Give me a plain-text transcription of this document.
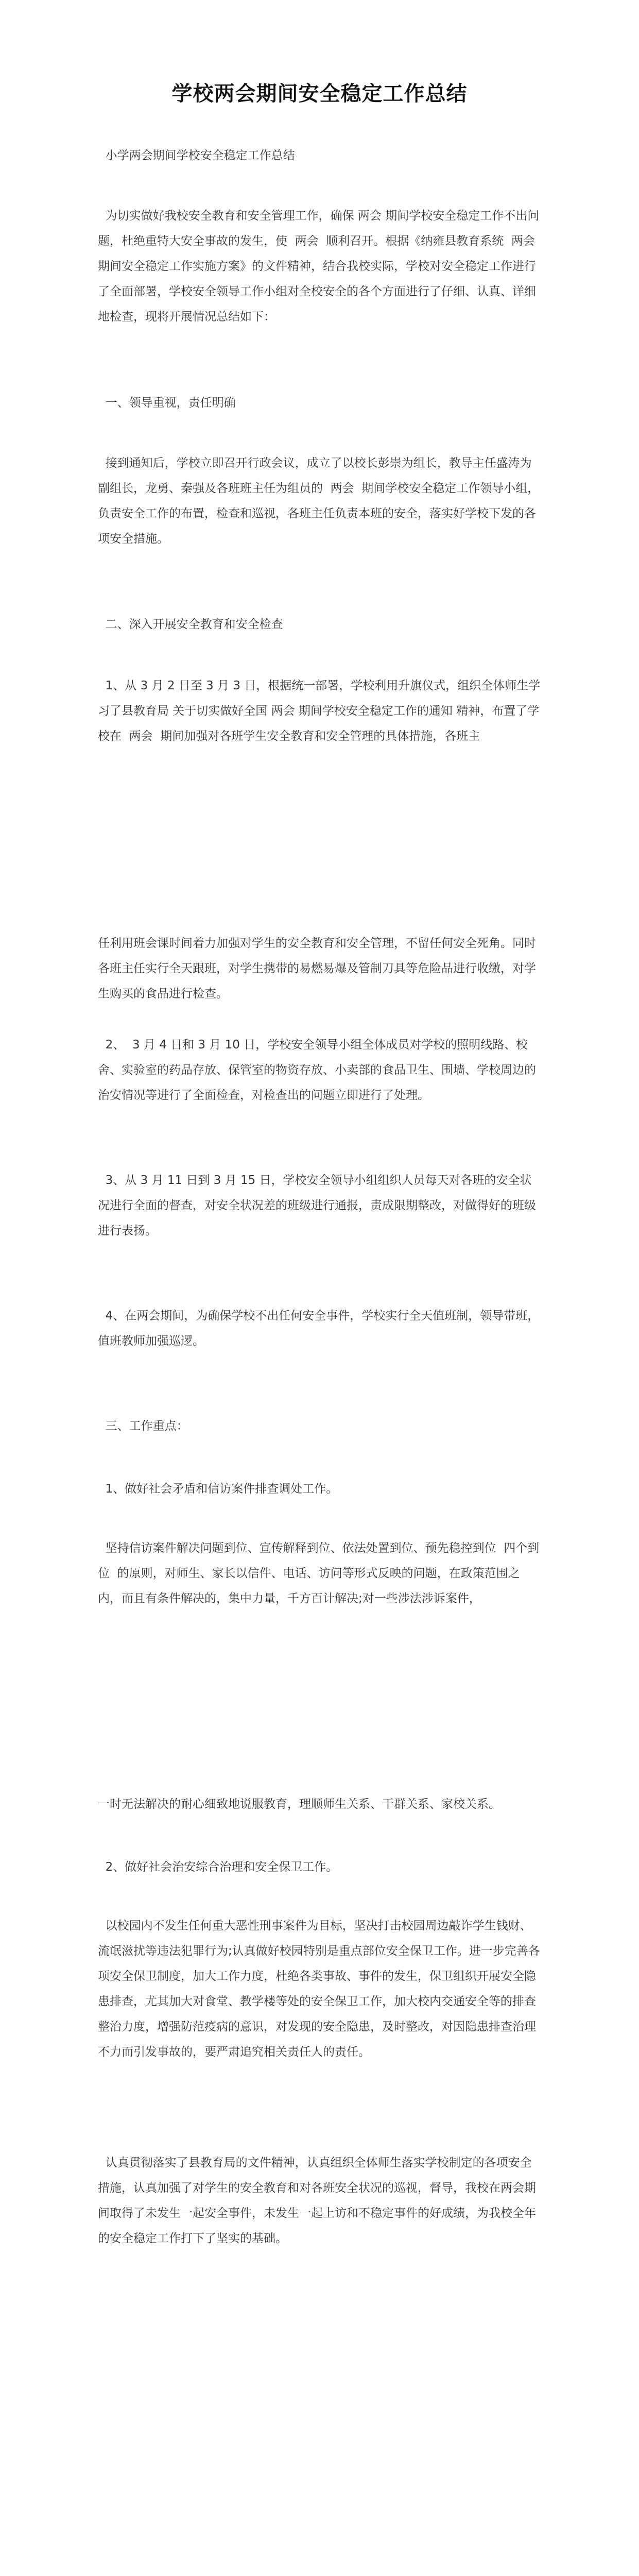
学校两会期间安全稳定工作总结
小学两会期间学校安全稳定工作总结
为切实做好我校安全教育和安全管理工作，确保 两会 期间学校安全稳定工作不出问题，杜绝重特大安全事故的发生，使  两会  顺利召开。根据《纳雍县教育系统  两会  期间安全稳定工作实施方案》的文件精神，结合我校实际，学校对安全稳定工作进行了全面部署，学校安全领导工作小组对全校安全的各个方面进行了仔细、认真、详细地检查，现将开展情况总结如下：
一、领导重视，责任明确
接到通知后，学校立即召开行政会议，成立了以校长彭崇为组长，教导主任盛涛为副组长，龙勇、秦强及各班班主任为组员的  两会  期间学校安全稳定工作领导小组，负责安全工作的布置，检查和巡视，各班主任负责本班的安全，落实好学校下发的各项安全措施。
二、深入开展安全教育和安全检查
1、从 3 月 2 日至 3 月 3 日，根据统一部署，学校利用升旗仪式，组织全体师生学习了县教育局 关于切实做好全国 两会 期间学校安全稳定工作的通知 精神，布置了学校在  两会  期间加强对各班学生安全教育和安全管理的具体措施，各班主
任利用班会课时间着力加强对学生的安全教育和安全管理，不留任何安全死角。同时各班主任实行全天跟班，对学生携带的易燃易爆及管制刀具等危险品进行收缴，对学生购买的食品进行检查。
2、  3 月 4 日和 3 月 10 日，学校安全领导小组全体成员对学校的照明线路、校舍、实验室的药品存放、保管室的物资存放、小卖部的食品卫生、围墙、学校周边的治安情况等进行了全面检查，对检查出的问题立即进行了处理。
3、从 3 月 11 日到 3 月 15 日，学校安全领导小组组织人员每天对各班的安全状况进行全面的督查，对安全状况差的班级进行通报，责成限期整改，对做得好的班级进行表扬。
4、在两会期间，为确保学校不出任何安全事件，学校实行全天值班制，领导带班，值班教师加强巡逻。
三、工作重点：
1、做好社会矛盾和信访案件排查调处工作。
坚持信访案件解决问题到位、宣传解释到位、依法处置到位、预先稳控到位  四个到位  的原则，对师生、家长以信件、电话、访问等形式反映的问题，在政策范围之内，而且有条件解决的，集中力量，千方百计解决;对一些涉法涉诉案件，
一时无法解决的耐心细致地说服教育，理顺师生关系、干群关系、家校关系。
2、做好社会治安综合治理和安全保卫工作。
以校园内不发生任何重大恶性刑事案件为目标，坚决打击校园周边敲诈学生钱财、流氓滋扰等违法犯罪行为;认真做好校园特别是重点部位安全保卫工作。进一步完善各项安全保卫制度，加大工作力度，杜绝各类事故、事件的发生，保卫组织开展安全隐患排查，尤其加大对食堂、教学楼等处的安全保卫工作，加大校内交通安全等的排查整治力度，增强防范疫病的意识，对发现的安全隐患，及时整改，对因隐患排查治理不力而引发事故的，要严肃追究相关责任人的责任。
认真贯彻落实了县教育局的文件精神，认真组织全体师生落实学校制定的各项安全措施，认真加强了对学生的安全教育和对各班安全状况的巡视，督导，我校在两会期间取得了未发生一起安全事件，未发生一起上访和不稳定事件的好成绩，为我校全年的安全稳定工作打下了坚实的基础。
